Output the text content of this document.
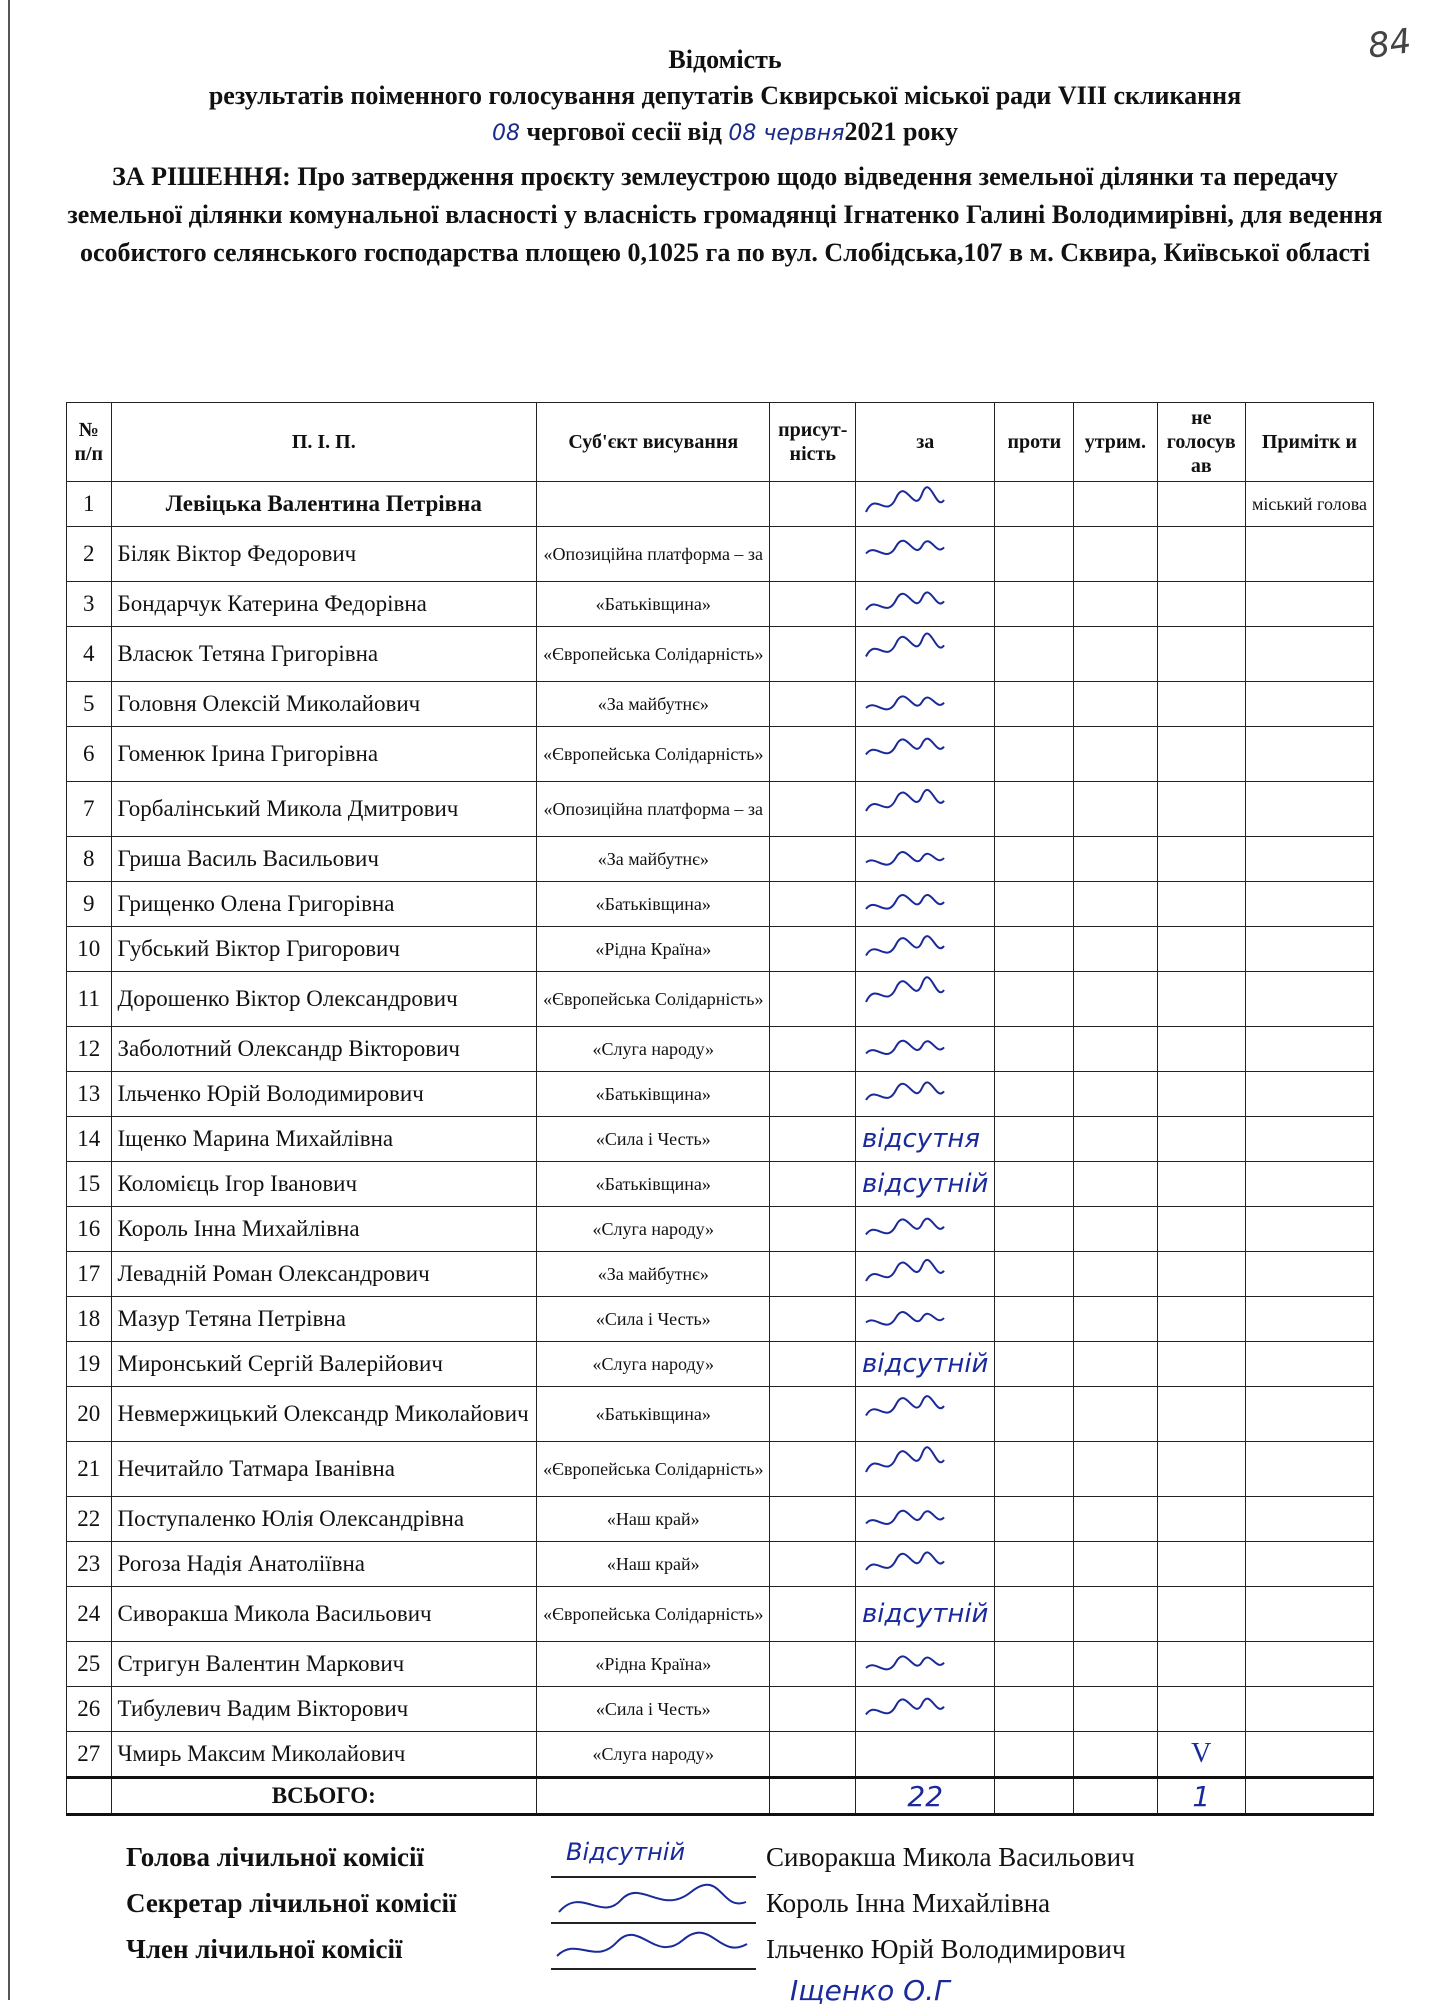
84
Відомість
результатів поіменного голосування депутатів Сквирської міської ради VIII скликання
08 чергової сесії від 08 червня2021 року
ЗА РІШЕННЯ: Про затвердження проєкту землеустрою щодо відведення земельної ділянки та передачу земельної ділянки комунальної власності у власність громадянці Ігнатенко Галині Володимирівні, для ведення особистого селянського господарства площею 0,1025 га по вул. Слобідська,107 в м. Сквира, Київської області
№ п/п	П. І. П.	Суб'єкт висування	присут-ність	за	проти	утрим.	не голосув ав	Примітк и
1	Левіцька Валентина Петрівна							міський голова
2	Біляк Віктор Федорович	«Опозиційна платформа – за		

3	Бондарчук Катерина Федорівна	«Батьківщина»		

4	Власюк Тетяна Григорівна	«Європейська Солідарність»		

5	Головня Олексій Миколайович	«За майбутнє»		

6	Гоменюк Ірина Григорівна	«Європейська Солідарність»		

7	Горбалінський Микола Дмитрович	«Опозиційна платформа – за		

8	Гриша Василь Васильович	«За майбутнє»		

9	Грищенко Олена Григорівна	«Батьківщина»		

10	Губський Віктор Григорович	«Рідна Країна»		

11	Дорошенко Віктор Олександрович	«Європейська Солідарність»		

12	Заболотний Олександр Вікторович	«Слуга народу»		

13	Ільченко Юрій Володимирович	«Батьківщина»		

14	Іщенко Марина Михайлівна	«Сила і Честь»		відсутня				
15	Коломієць Ігор Іванович	«Батьківщина»		відсутній				
16	Король Інна Михайлівна	«Слуга народу»		

17	Левадній Роман Олександрович	«За майбутнє»		

18	Мазур Тетяна Петрівна	«Сила і Честь»		

19	Миронський Сергій Валерійович	«Слуга народу»		відсутній				
20	Невмержицький Олександр Миколайович	«Батьківщина»		

21	Нечитайло Татмара Іванівна	«Європейська Солідарність»		

22	Поступаленко Юлія Олександрівна	«Наш край»		

23	Рогоза Надія Анатоліївна	«Наш край»		

24	Сиворакша Микола Васильович	«Європейська Солідарність»		відсутній				
25	Стригун Валентин Маркович	«Рідна Країна»		

26	Тибулевич Вадим Вікторович	«Сила і Честь»		

27	Чмирь Максим Миколайович	«Слуга народу»					V	
	ВСЬОГО:			22			1	
Голова лічильної комісії	Відсутній	Сиворакша Микола Васильович
Секретар лічильної комісії	Король Інна Михайлівна
Член лічильної комісії	Ільченко Юрій Володимирович
Іщенко О.Г
